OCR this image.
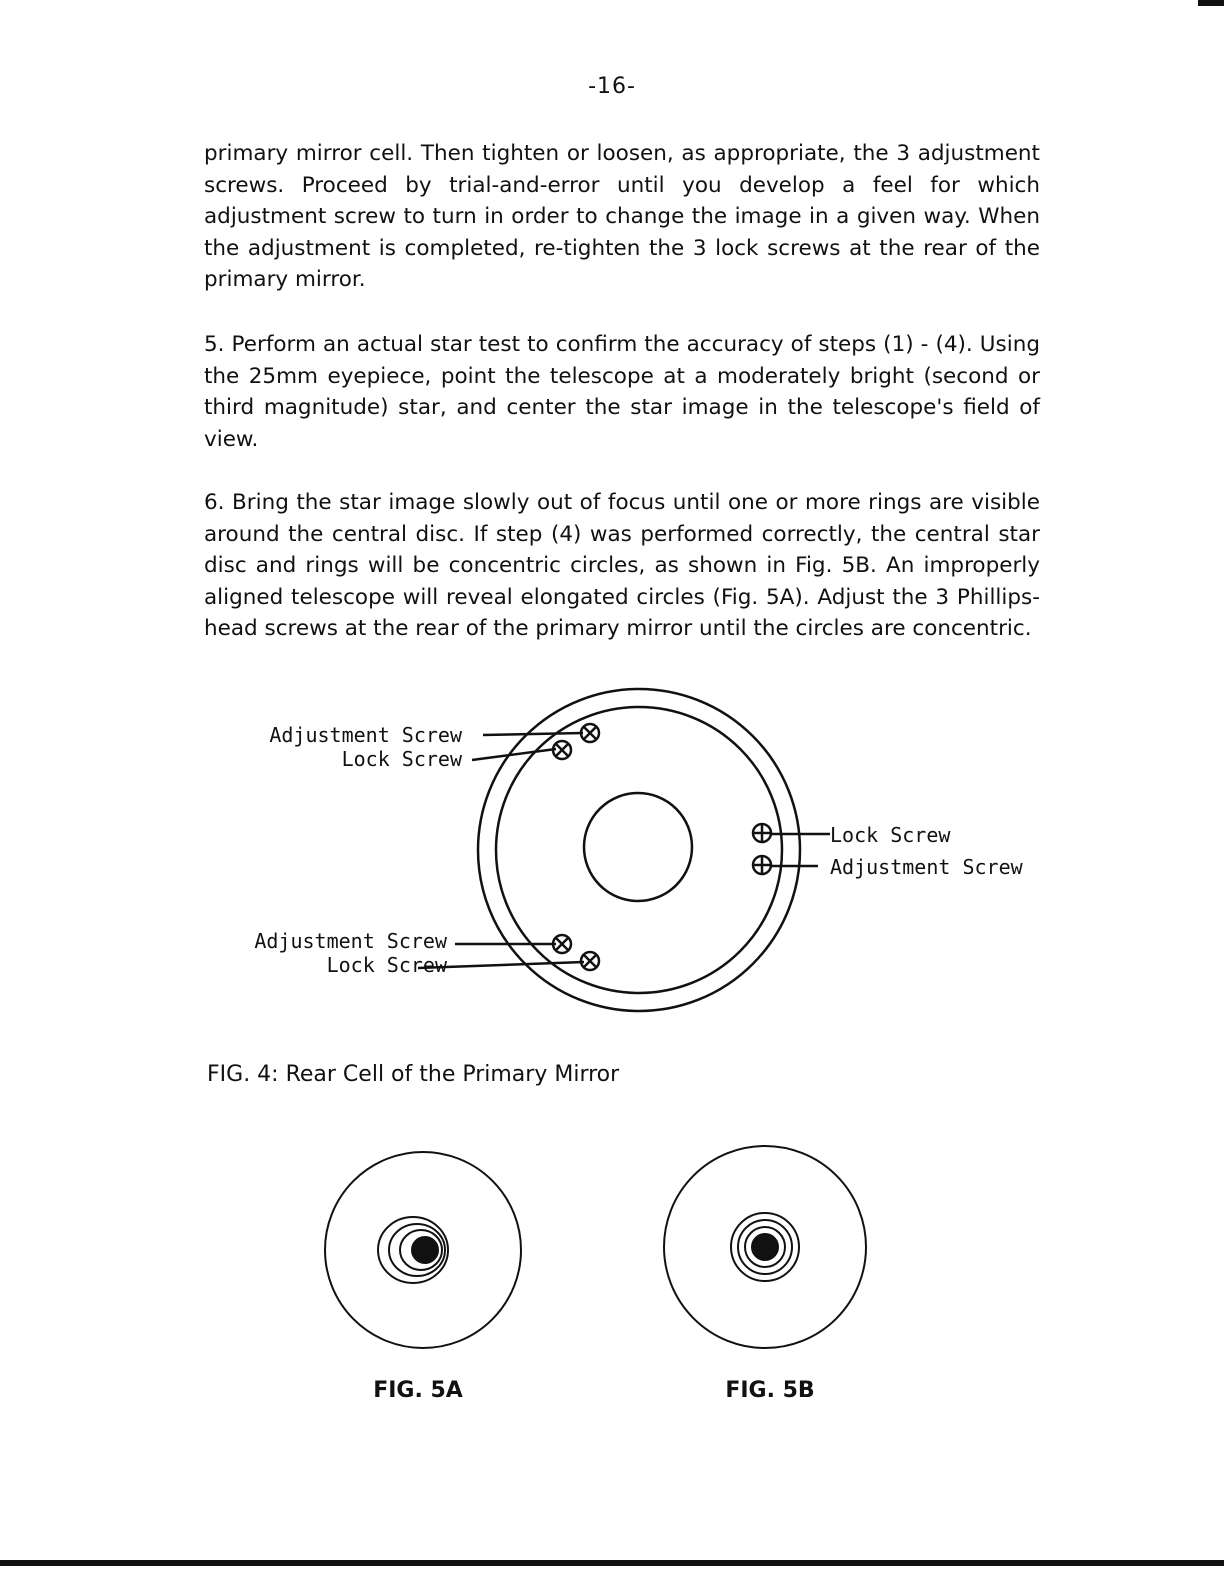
-16-

primary mirror cell. Then tighten or loosen, as appropriate, the 3 adjustment screws. Proceed by trial-and-error until you develop a feel for which adjustment screw to turn in order to change the image in a given way. When the adjustment is completed, re-tighten the 3 lock screws at the rear of the primary mirror.

5. Perform an actual star test to confirm the accuracy of steps (1) - (4). Using the 25mm eyepiece, point the telescope at a moderately bright (second or third magnitude) star, and center the star image in the telescope's field of view.

6. Bring the star image slowly out of focus until one or more rings are visible around the central disc. If step (4) was performed correctly, the central star disc and rings will be concentric circles, as shown in Fig. 5B. An improperly aligned telescope will reveal elongated circles (Fig. 5A). Adjust the 3 Phillips-head screws at the rear of the primary mirror until the circles are concentric.

Adjustment Screw
Lock Screw
Lock Screw
Adjustment Screw
Adjustment Screw
Lock Screw
FIG. 4: Rear Cell of the Primary Mirror
FIG. 5A	FIG. 5B
